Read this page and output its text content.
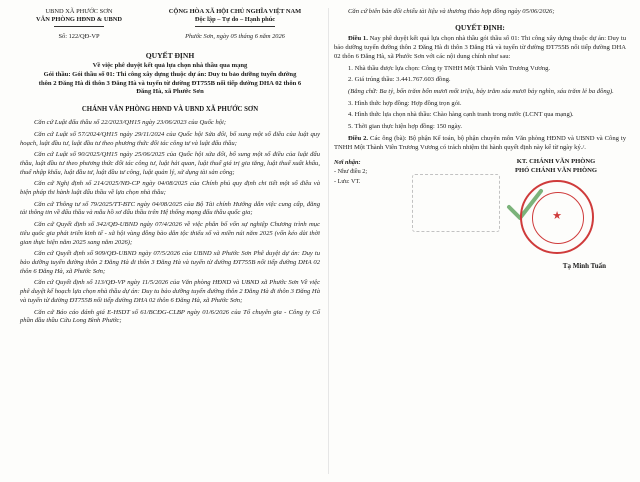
UBND XÃ PHƯỚC SƠN
VĂN PHÒNG HĐND & UBND
CỘNG HÒA XÃ HỘI CHỦ NGHĨA VIỆT NAM
Độc lập – Tự do – Hạnh phúc
Số: 122/QĐ-VP	Phước Sơn, ngày 05 tháng 6 năm 2026
QUYẾT ĐỊNH
Về việc phê duyệt kết quả lựa chọn nhà thầu qua mạng
Gói thầu: Gói thầu số 01: Thi công xây dựng thuộc dự án: Duy tu bảo dưỡng tuyến đường thôn 2 Đăng Hà đi thôn 3 Đăng Hà và tuyến từ đường ĐT755B nối tiếp đường DHA 02 thôn 6 Đăng Hà, xã Phước Sơn
CHÁNH VĂN PHÒNG HĐND VÀ UBND XÃ PHƯỚC SƠN
Căn cứ Luật đấu thầu số 22/2023/QH15 ngày 23/06/2023 của Quốc hội;
Căn cứ Luật số 57/2024/QH15 ngày 29/11/2024 của Quốc hội Sửa đổi, bổ sung một số điều của luật quy hoạch, luật đầu tư, luật đầu tư theo phương thức đối tác công tư và luật đấu thầu;
Căn cứ Luật số 90/2025/QH15 ngày 25/06/2025 của Quốc hội sửa đổi, bổ sung một số điều của luật đấu thầu, luật đầu tư theo phương thức đối tác công tư, luật hải quan, luật thuế giá trị gia tăng, luật thuế xuất khẩu, thuế nhập khẩu, luật đầu tư, luật đầu tư công, luật quản lý, sử dụng tài sản công;
Căn cứ Nghị định số 214/2025/NĐ-CP ngày 04/08/2025 của Chính phủ quy định chi tiết một số điều và biện pháp thi hành luật đấu thầu về lựa chọn nhà thầu;
Căn cứ Thông tư số 79/2025/TT-BTC ngày 04/08/2025 của Bộ Tài chính Hướng dẫn việc cung cấp, đăng tải thông tin về đấu thầu và mẫu hồ sơ đấu thầu trên Hệ thống mạng đấu thầu quốc gia;
Căn cứ Quyết định số 342/QĐ-UBND ngày 07/4/2026 về việc phân bổ vốn sự nghiệp Chương trình mục tiêu quốc gia phát triển kinh tế - xã hội vùng đồng bào dân tộc thiểu số và miền núi năm 2025 (vốn kéo dài thời gian thực hiện năm 2025 sang năm 2026);
Căn cứ Quyết định số 909/QĐ-UBND ngày 07/5/2026 của UBND xã Phước Sơn Phê duyệt dự án: Duy tu bảo dưỡng tuyến đường thôn 2 Đăng Hà đi thôn 3 Đăng Hà và tuyến từ đường ĐT755B nối tiếp đường DHA 02 thôn 6 Đăng Hà, xã Phước Sơn;
Căn cứ Quyết định số 113/QĐ-VP ngày 11/5/2026 của Văn phòng HĐND và UBND xã Phước Sơn Về việc phê duyệt kế hoạch lựa chọn nhà thầu dự án: Duy tu bảo dưỡng tuyến đường thôn 2 Đăng Hà đi thôn 3 Đăng Hà và tuyến từ đường ĐT755B nối tiếp đường DHA 02 thôn 6 Đăng Hà, xã Phước Sơn;
Căn cứ Báo cáo đánh giá E-HSDT số 61/BCĐG-CLBP ngày 01/6/2026 của Tổ chuyên gia - Công ty Cổ phần đầu thầu Cửu Long Bình Phước;
Căn cứ biên bản đối chiếu tài liệu và thương thảo hợp đồng ngày 05/06/2026;
QUYẾT ĐỊNH:
Điều 1. Nay phê duyệt kết quả lựa chọn nhà thầu gói thầu số 01: Thi công xây dựng thuộc dự án: Duy tu bảo dưỡng tuyến đường thôn 2 Đăng Hà đi thôn 3 Đăng Hà và tuyến từ đường ĐT755B nối tiếp đường DHA 02 thôn 6 Đăng Hà, xã Phước Sơn với các nội dung chính như sau:
1. Nhà thầu được lựa chọn: Công ty TNHH Một Thành Viên Trương Vương.
2. Giá trúng thầu: 3.441.767.603 đồng.
(Bằng chữ: Ba tỷ, bốn trăm bốn mươi mốt triệu, bảy trăm sáu mươi bảy nghìn, sáu trăm lẻ ba đồng).
3. Hình thức hợp đồng: Hợp đồng trọn gói.
4. Hình thức lựa chọn nhà thầu: Chào hàng cạnh tranh trong nước (LCNT qua mạng).
5. Thời gian thực hiện hợp đồng: 150 ngày.
Điều 2. Các ông (bà): Bộ phận Kế toán, bộ phận chuyên môn Văn phòng HĐND và UBND và Công ty TNHH Một Thành Viên Trương Vương có trách nhiệm thi hành quyết định này kể từ ngày ký./.
Nơi nhận:
- Như điều 2;
- Lưu: VT.
★
KT. CHÁNH VĂN PHÒNG
PHÓ CHÁNH VĂN PHÒNG
Tạ Minh Tuấn
